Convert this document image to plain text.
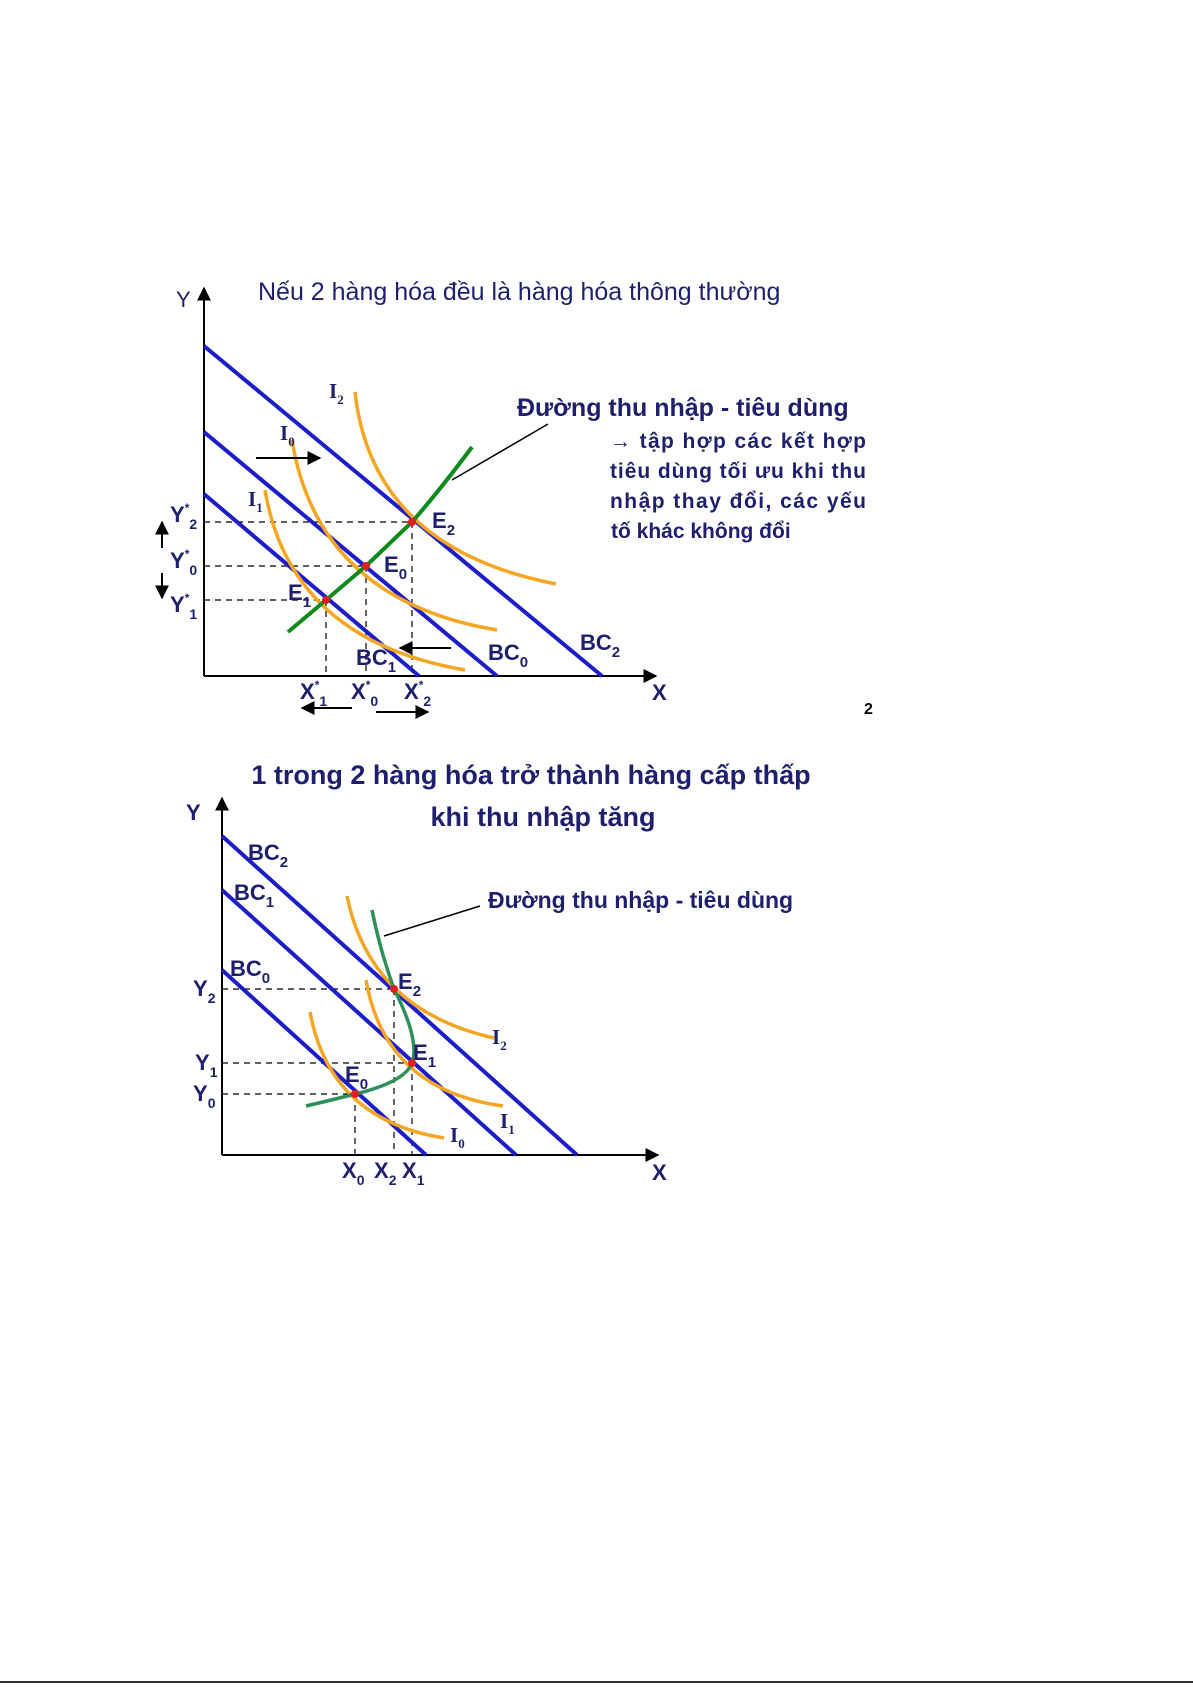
Nếu 2 hàng hóa đều là hàng hóa thông thường
Y
X
$I_2$
$I_0$
$I_1$
$E_2$
$E_0$
$E_1$
$BC_1$
$BC_0$
$BC_2$
$Y^*_2$
$Y^*_0$
$Y^*_1$
$X^*_1$ $X^*_0$ $X^*_2$
Đường thu nhập - tiêu dùng
→ tập hợp các kết hợp
tiêu dùng tối ưu khi thu
nhập thay đổi, các yếu
tố khác không đổi
2
1 trong 2 hàng hóa trở thành hàng cấp thấp
khi thu nhập tăng
Y
X
Đường thu nhập - tiêu dùng
$BC_2$
$BC_1$
$BC_0$	$E_2$
$E_1$
$E_0$
$I_2$
$I_1$
$I_0$
$Y_2$
$Y_1$
$Y_0$
$X_0$ $X_2$ $X_1$
